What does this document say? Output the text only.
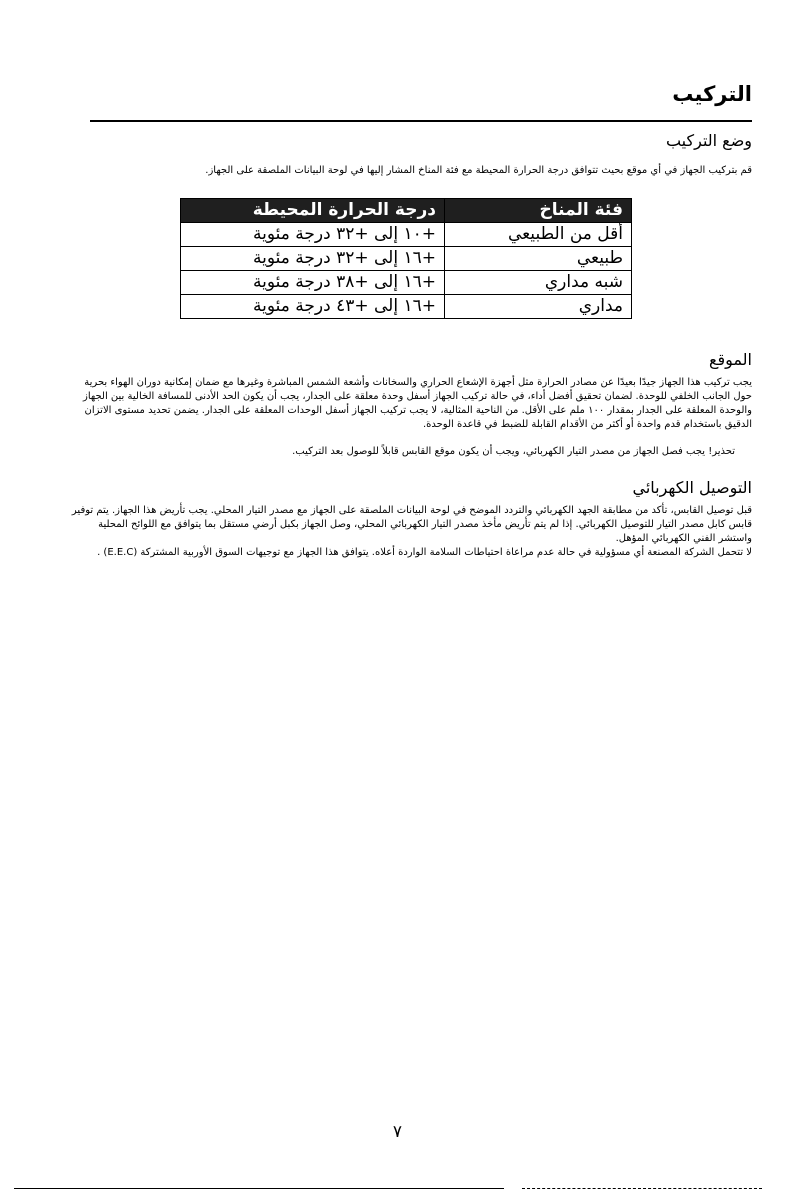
التركيب
وضع التركيب

قم بتركيب الجهاز في أي موقع بحيث تتوافق درجة الحرارة المحيطة مع فئة المناخ المشار إليها في لوحة البيانات الملصقة على الجهاز.

فئة المناخ	درجة الحرارة المحيطة
أقل من الطبيعي	+١٠ إلى +٣٢ درجة مئوية
طبيعي	+١٦ إلى +٣٢ درجة مئوية
شبه مداري	+١٦ إلى +٣٨ درجة مئوية
مداري	+١٦ إلى +٤٣ درجة مئوية
الموقع

يجب تركيب هذا الجهاز جيدًا بعيدًا عن مصادر الحرارة مثل أجهزة الإشعاع الحراري والسخانات وأشعة الشمس المباشرة وغيرها مع ضمان إمكانية دوران الهواء بحرية حول الجانب الخلفي للوحدة. لضمان تحقيق أفضل أداء، في حالة تركيب الجهاز أسفل وحدة معلقة على الجدار، يجب أن يكون الحد الأدنى للمسافة الخالية بين الجهاز والوحدة المعلقة على الجدار بمقدار ١٠٠ ملم على الأقل. من الناحية المثالية، لا يجب تركيب الجهاز أسفل الوحدات المعلقة على الجدار. يضمن تحديد مستوى الاتزان الدقيق باستخدام قدم واحدة أو أكثر من الأقدام القابلة للضبط في قاعدة الوحدة.

تحذير! يجب فصل الجهاز من مصدر التيار الكهربائي، ويجب أن يكون موقع القابس قابلاً للوصول بعد التركيب.

التوصيل الكهربائي

قبل توصيل القابس، تأكد من مطابقة الجهد الكهربائي والتردد الموضح في لوحة البيانات الملصقة على الجهاز مع مصدر التيار المحلي. يجب تأريض هذا الجهاز. يتم توفير قابس كابل مصدر التيار للتوصيل الكهربائي. إذا لم يتم تأريض مأخذ مصدر التيار الكهربائي المحلي، وصل الجهاز بكبل أرضي مستقل بما يتوافق مع اللوائح المحلية واستشر الفني الكهربائي المؤهل.

لا تتحمل الشركة المصنعة أي مسؤولية في حالة عدم مراعاة احتياطات السلامة الواردة أعلاه. يتوافق هذا الجهاز مع توجيهات السوق الأوربية المشتركة (E.E.C) .

٧
